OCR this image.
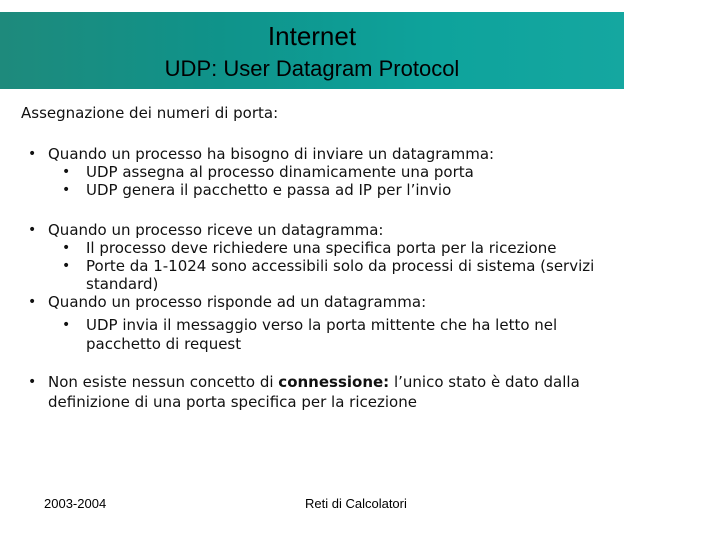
Internet
UDP: User Datagram Protocol
Assegnazione dei numeri di porta:
• Quando un processo ha bisogno di inviare un datagramma:
• UDP assegna al processo dinamicamente una porta
• UDP genera il pacchetto e passa ad IP per l’invio
• Quando un processo riceve un datagramma:
• Il processo deve richiedere una specifica porta per la ricezione
• Porte da 1-1024 sono accessibili solo da processi di sistema (servizi
standard)
• Quando un processo risponde ad un datagramma:
• UDP invia il messaggio verso la porta mittente che ha letto nel
pacchetto di request
• Non esiste nessun concetto di connessione: l’unico stato è dato dalla
definizione di una porta specifica per la ricezione
2003-2004	Reti di Calcolatori
